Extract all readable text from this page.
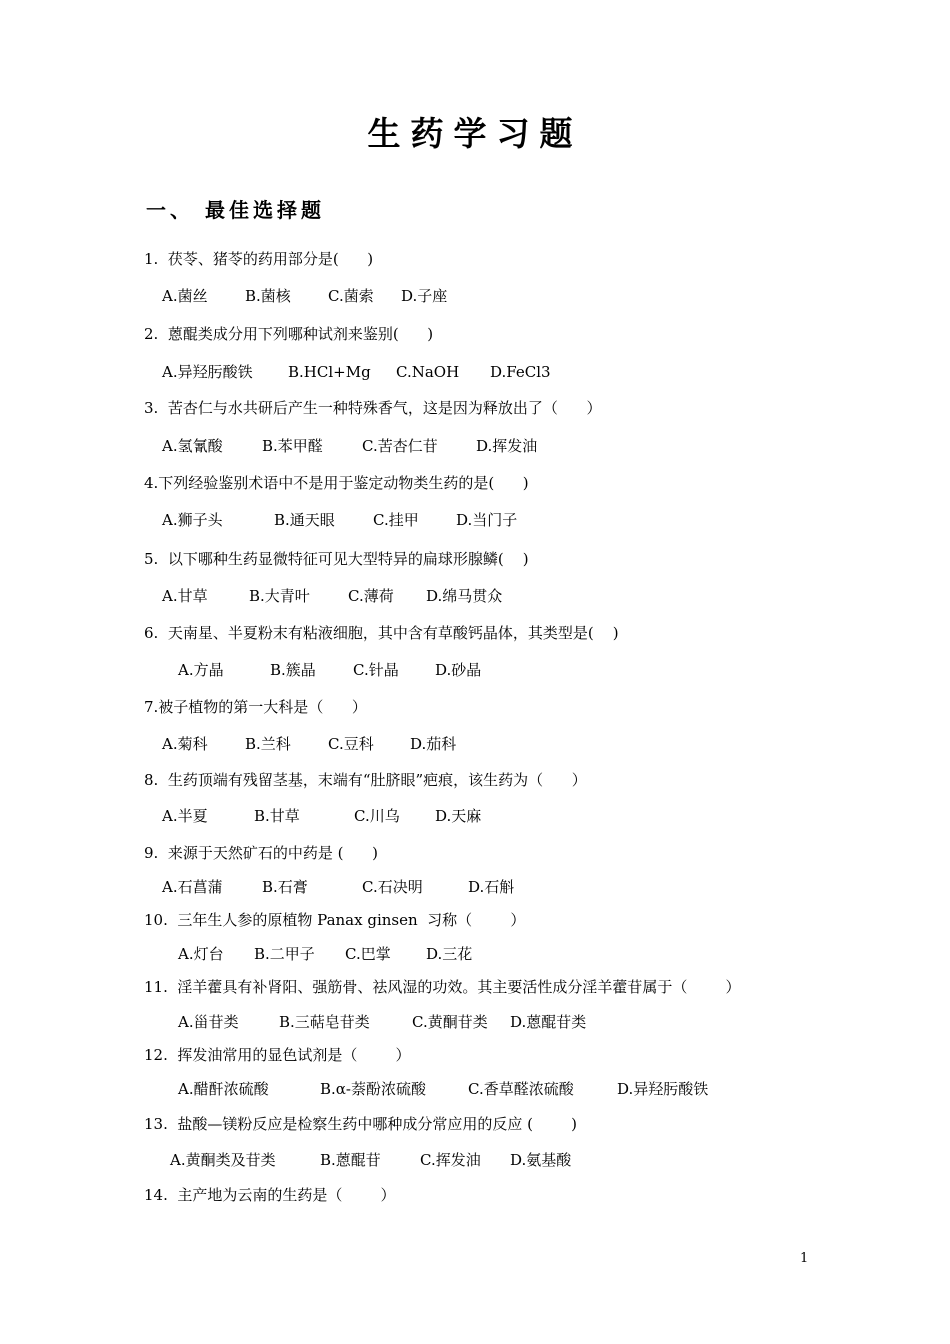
生药学习题
一、 最佳选择题
1.  茯苓、猪苓的药用部分是(      )

A.菌丝

B.菌核

C.菌索

D.子座

2.  蒽醌类成分用下列哪种试剂来鉴别(      )

A.异羟肟酸铁

B.HCl+Mg

C.NaOH

D.FeCl3

3.  苦杏仁与水共研后产生一种特殊香气，这是因为释放出了（      ）

A.氢氰酸

	B.苯甲醛

	C.苦杏仁苷

	D.挥发油

4.下列经验鉴别术语中不是用于鉴定动物类生药的是(      )

A.狮子头

	B.通天眼

	C.挂甲

D.当门子

5.  以下哪种生药显微特征可见大型特异的扁球形腺鳞(    )

A.甘草

	B.大青叶

	C.薄荷

D.绵马贯众

6.  天南星、半夏粉末有粘液细胞，其中含有草酸钙晶体，其类型是(    )

A.方晶

	B.簇晶

C.针晶

D.砂晶

7.被子植物的第一大科是（      ）

A.菊科

B.兰科

C.豆科

D.茄科

8.  生药顶端有残留茎基，末端有“肚脐眼”疤痕，该生药为（      ）

A.半夏

	B.甘草

	C.川乌

D.天麻

9.  来源于天然矿石的中药是 (      )

A.石菖蒲

	B.石膏

	C.石决明

	D.石斛

10.  三年生人参的原植物 Panax ginsen  习称（        ）

A.灯台

B.二甲子

C.巴掌

D.三花

11.  淫羊藿具有补肾阳、强筋骨、祛风湿的功效。其主要活性成分淫羊藿苷属于（        ）

A.甾苷类

	B.三萜皂苷类

	C.黄酮苷类

D.蒽醌苷类

12.  挥发油常用的显色试剂是（        ）

A.醋酐浓硫酸

	B.α-萘酚浓硫酸

	C.香草醛浓硫酸

	D.异羟肟酸铁

13.  盐酸—镁粉反应是检察生药中哪种成分常应用的反应 (        )

A.黄酮类及苷类

	B.蒽醌苷

	C.挥发油

D.氨基酸

14.  主产地为云南的生药是（        ）
1
